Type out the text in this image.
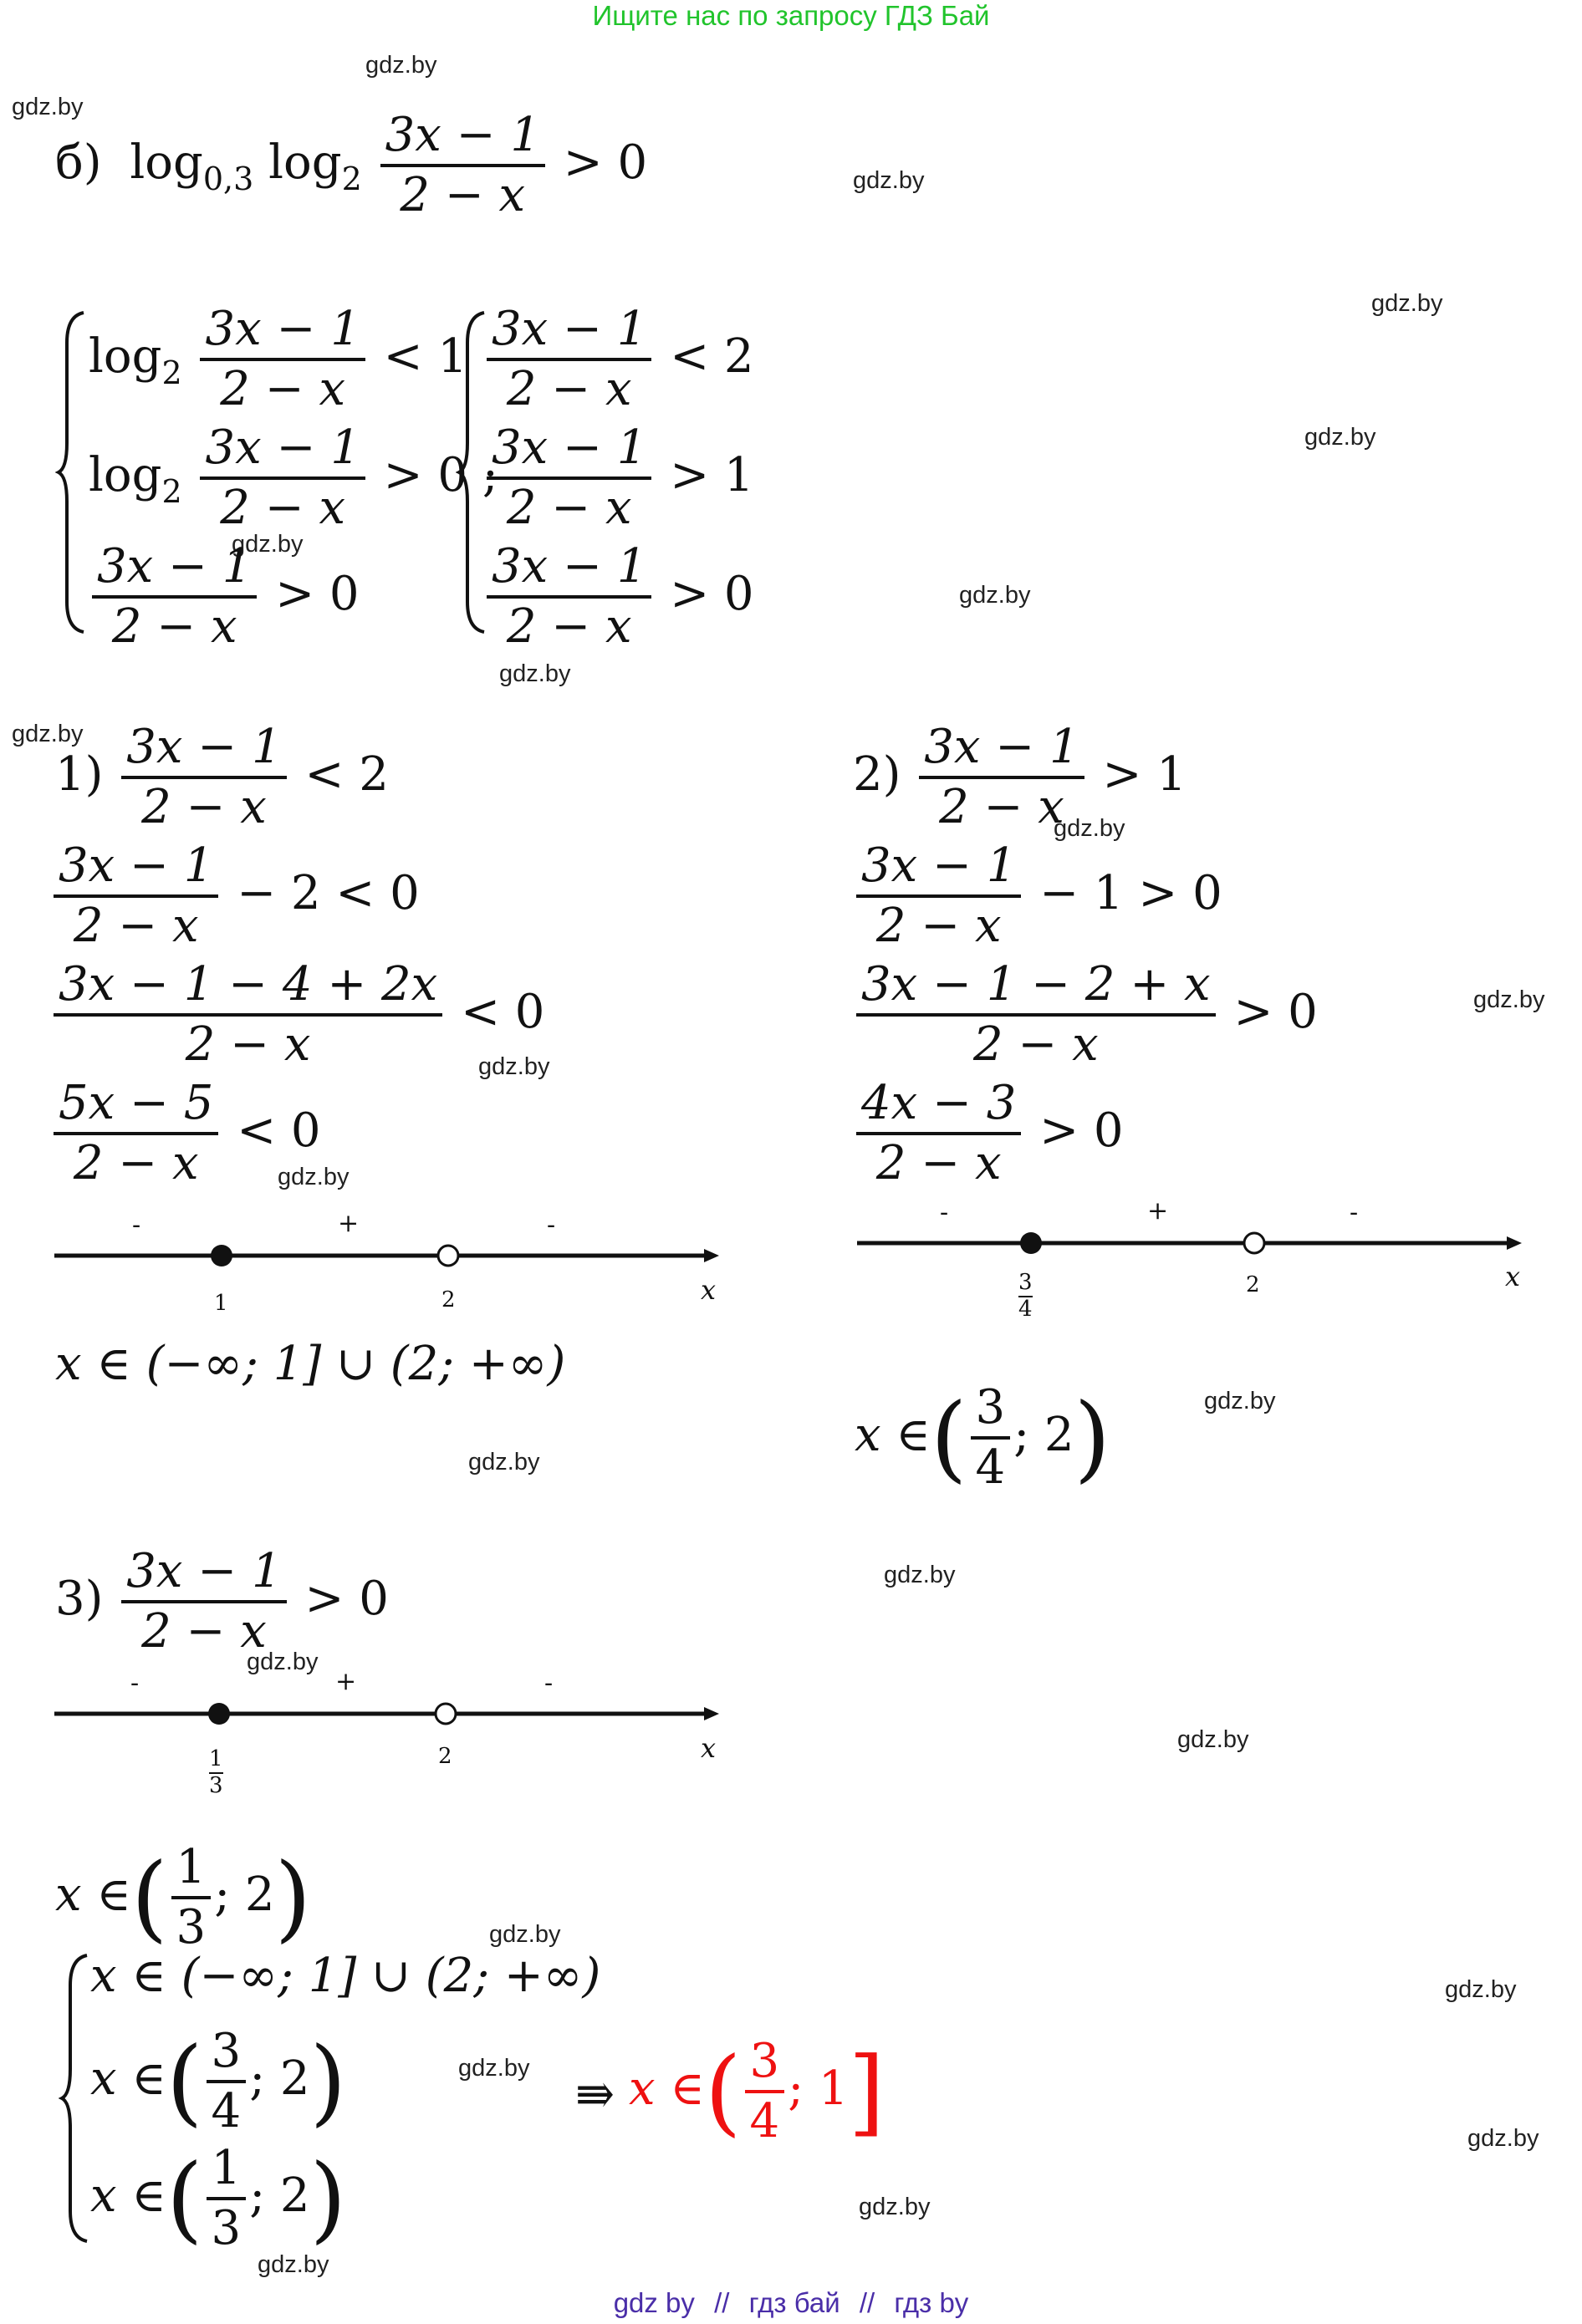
Ищите нас по запросу ГДЗ Бай
gdz.by
gdz.by
gdz.by
gdz.by
gdz.by
gdz.by
gdz.by
gdz.by
gdz.by
gdz.by
gdz.by
gdz.by
gdz.by
gdz.by
gdz.by
gdz.by
gdz.by
gdz.by
gdz.by
gdz.by
gdz.by
gdz.by
gdz.by
gdz.by
б) $\log_{0,3} \log_2 \frac{3x - 1}{2 - x} > 0$
$\log_2 \frac{3x - 1}{2 - x} < 1$
$\log_2 \frac{3x - 1}{2 - x} > 0$ ;
$\frac{3x - 1}{2 - x} > 0$
$\frac{3x - 1}{2 - x} < 2$
$\frac{3x - 1}{2 - x} > 1$
$\frac{3x - 1}{2 - x} > 0$
$1) \frac{3x - 1}{2 - x} < 2$
$\frac{3x - 1}{2 - x} - 2 < 0$
$\frac{3x - 1 - 4 + 2x}{2 - x} < 0$
$\frac{5x - 5}{2 - x} < 0$
-	+	-
1	2	x
x ∈ (−∞; 1] ∪ (2; +∞)
$2) \frac{3x - 1}{2 - x} > 1$
$\frac{3x - 1}{2 - x} - 1 > 0$
$\frac{3x - 1 - 2 + x}{2 - x} > 0$
$\frac{4x - 3}{2 - x} > 0$
-	+	-
3
4
2	x
x ∈( $\frac{3}{4}$ ; 2)
$3) \frac{3x - 1}{2 - x} > 0$
-	+	-
1
3
2	x
x ∈( $\frac{1}{3}$ ; 2)
x ∈ (−∞; 1] ∪ (2; +∞)
x ∈( $\frac{3}{4}$ ; 2)
x ∈( $\frac{1}{3}$ ; 2)
⇛ x ∈( $\frac{3}{4}$ ; 1]
gdz by // гдз бай // гдз by
